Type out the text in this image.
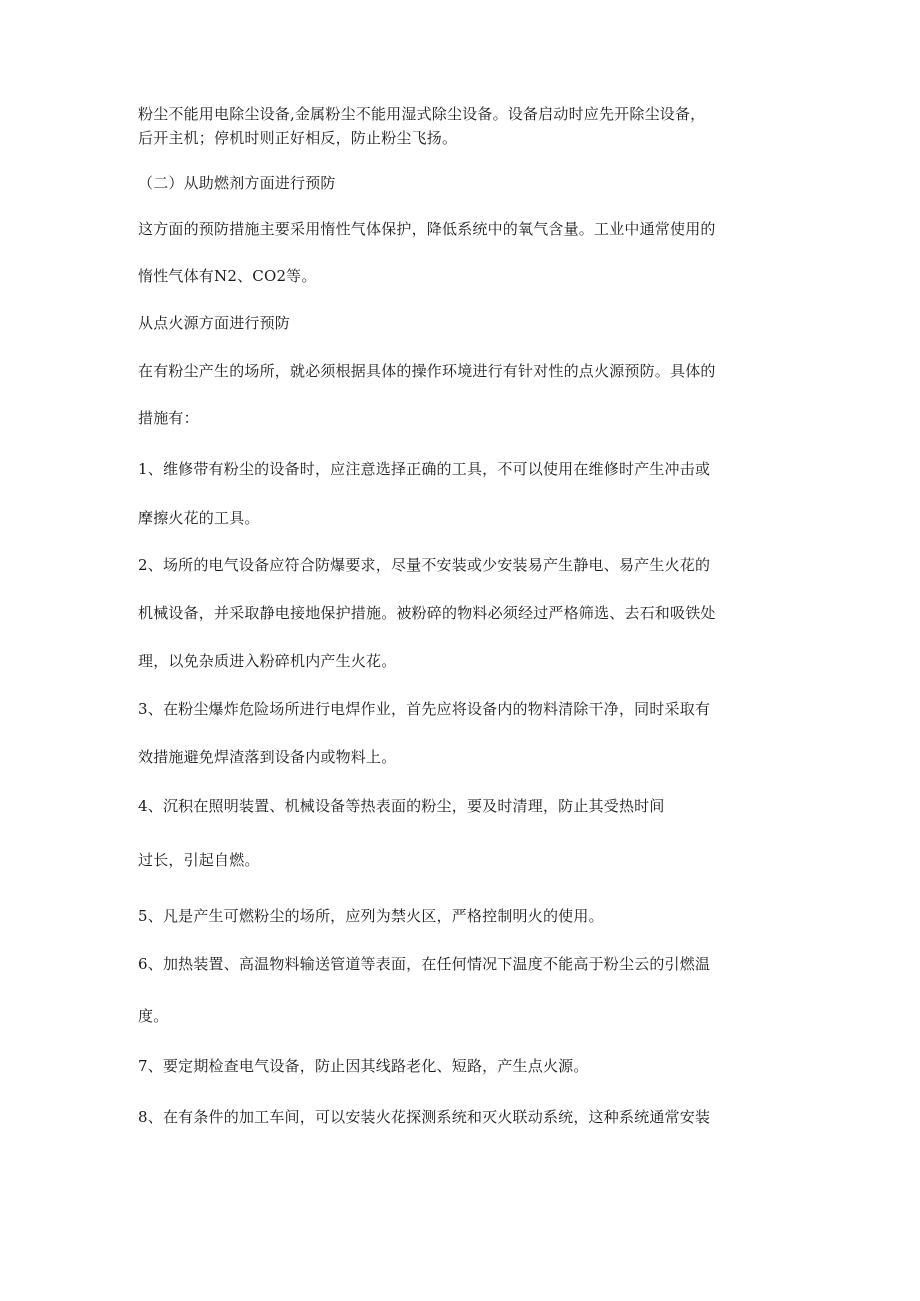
粉尘不能用电除尘设备,金属粉尘不能用湿式除尘设备。设备启动时应先开除尘设备，

后开主机；停机时则正好相反，防止粉尘飞扬。

（二）从助燃剂方面进行预防

这方面的预防措施主要采用惰性气体保护，降低系统中的氧气含量。工业中通常使用的

惰性气体有N2、CO2等。

从点火源方面进行预防

在有粉尘产生的场所，就必须根据具体的操作环境进行有针对性的点火源预防。具体的

措施有：

1、维修带有粉尘的设备时，应注意选择正确的工具，不可以使用在维修时产生冲击或

摩擦火花的工具。

2、场所的电气设备应符合防爆要求，尽量不安装或少安装易产生静电、易产生火花的

机械设备，并采取静电接地保护措施。被粉碎的物料必须经过严格筛选、去石和吸铁处

理，以免杂质进入粉碎机内产生火花。

3、在粉尘爆炸危险场所进行电焊作业，首先应将设备内的物料清除干净，同时采取有

效措施避免焊渣落到设备内或物料上。

4、沉积在照明装置、机械设备等热表面的粉尘，要及时清理，防止其受热时间

过长，引起自燃。

5、凡是产生可燃粉尘的场所，应列为禁火区，严格控制明火的使用。

6、加热装置、高温物料输送管道等表面，在任何情况下温度不能高于粉尘云的引燃温

度。

7、要定期检查电气设备，防止因其线路老化、短路，产生点火源。

8、在有条件的加工车间，可以安装火花探测系统和灭火联动系统，这种系统通常安装
